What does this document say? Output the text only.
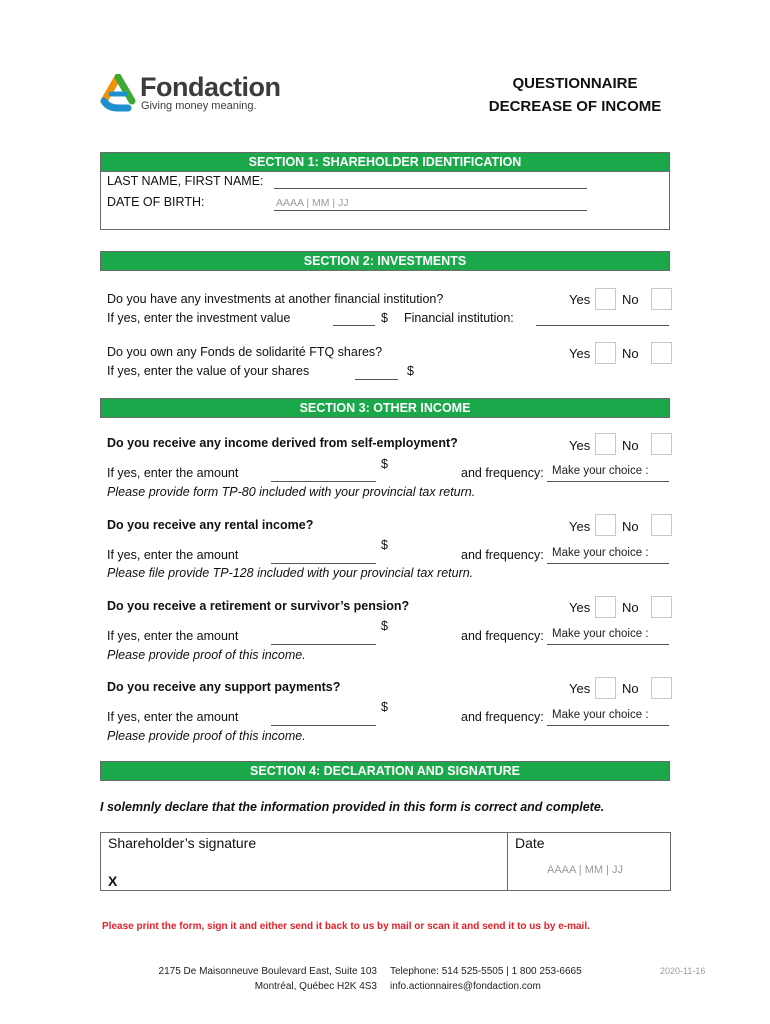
Fondaction
Giving money meaning.
QUESTIONNAIRE
DECREASE OF INCOME
SECTION 1: SHAREHOLDER IDENTIFICATION
LAST NAME, FIRST NAME:
DATE OF BIRTH:	AAAA | MM | JJ
SECTION 2: INVESTMENTS
Do you have any investments at another financial institution?	Yes No
If yes, enter the investment value	$ Financial institution:
Do you own any Fonds de solidarité FTQ shares?	Yes No
If yes, enter the value of your shares	$
SECTION 3: OTHER INCOME
Do you receive any income derived from self-employment?	Yes No
$
If yes, enter the amount	and frequency: Make your choice :
Please provide form TP-80 included with your provincial tax return.
Do you receive any rental income?	Yes No
$
If yes, enter the amount	and frequency: Make your choice :
Please file provide TP-128 included with your provincial tax return.
Do you receive a retirement or survivor’s pension?	Yes No
$
If yes, enter the amount	and frequency: Make your choice :
Please provide proof of this income.
Do you receive any support payments?	Yes No
$
If yes, enter the amount	and frequency: Make your choice :
Please provide proof of this income.
SECTION 4: DECLARATION AND SIGNATURE
I solemnly declare that the information provided in this form is correct and complete.
Shareholder’s signature
X
Date
AAAA | MM | JJ
Please print the form, sign it and either send it back to us by mail or scan it and send it to us by e-mail.
2175 De Maisonneuve Boulevard East, Suite 103
Montréal, Québec H2K 4S3
Telephone: 514 525-5505 | 1 800 253-6665
info.actionnaires@fondaction.com
2020-11-16
